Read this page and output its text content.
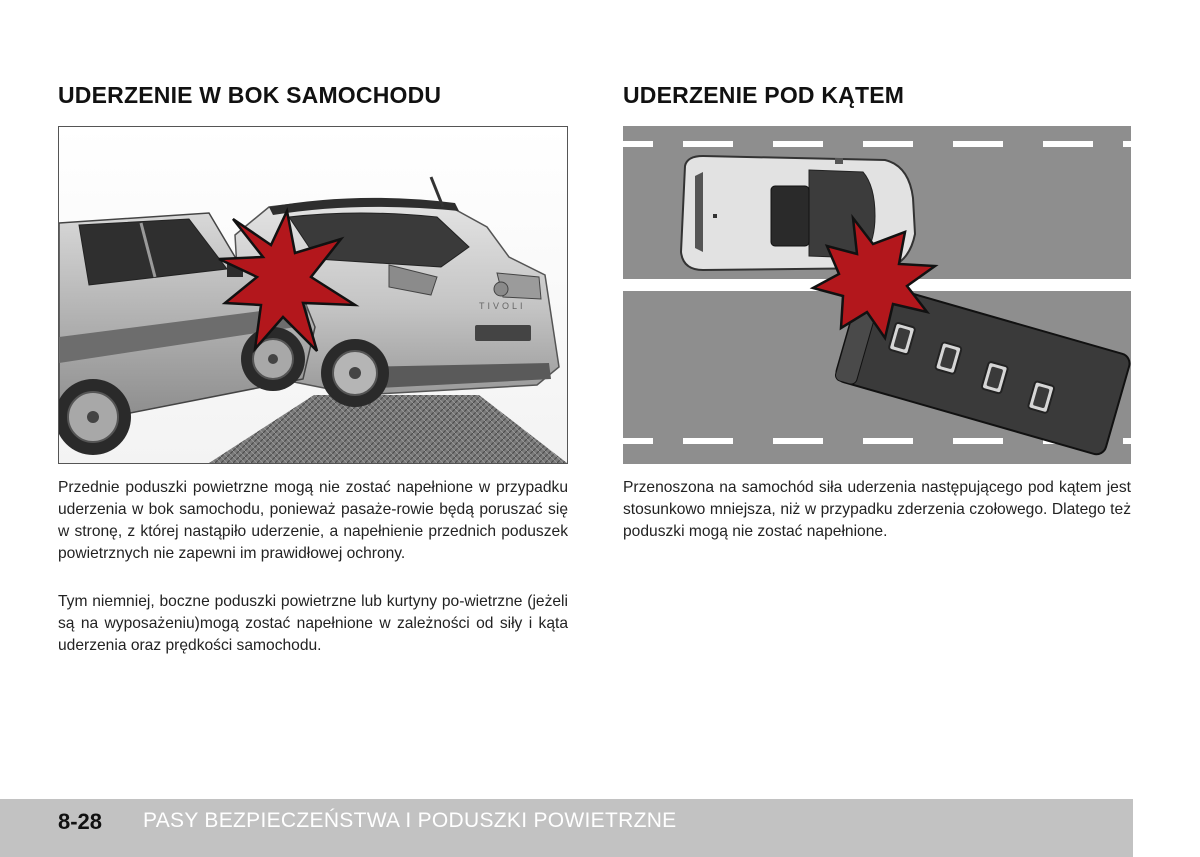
UDERZENIE W BOK SAMOCHODU	UDERZENIE POD KĄTEM
TIVOLI

Przednie poduszki powietrzne mogą nie zostać napełnione w przypadku uderzenia w bok samochodu, ponieważ pasaże-rowie będą poruszać się w stronę, z której nastąpiło uderzenie, a napełnienie przednich poduszek powietrznych nie zapewni im prawidłowej ochrony.

Tym niemniej, boczne poduszki powietrzne lub kurtyny po-wietrzne (jeżeli są na wyposażeniu)mogą zostać napełnione w zależności od siły i kąta uderzenia oraz prędkości samochodu.

Przenoszona na samochód siła uderzenia następującego pod kątem jest stosunkowo mniejsza, niż w przypadku zderzenia czołowego. Dlatego też poduszki mogą nie zostać napełnione.

8-28 PASY BEZPIECZEŃSTWA I PODUSZKI POWIETRZNE
